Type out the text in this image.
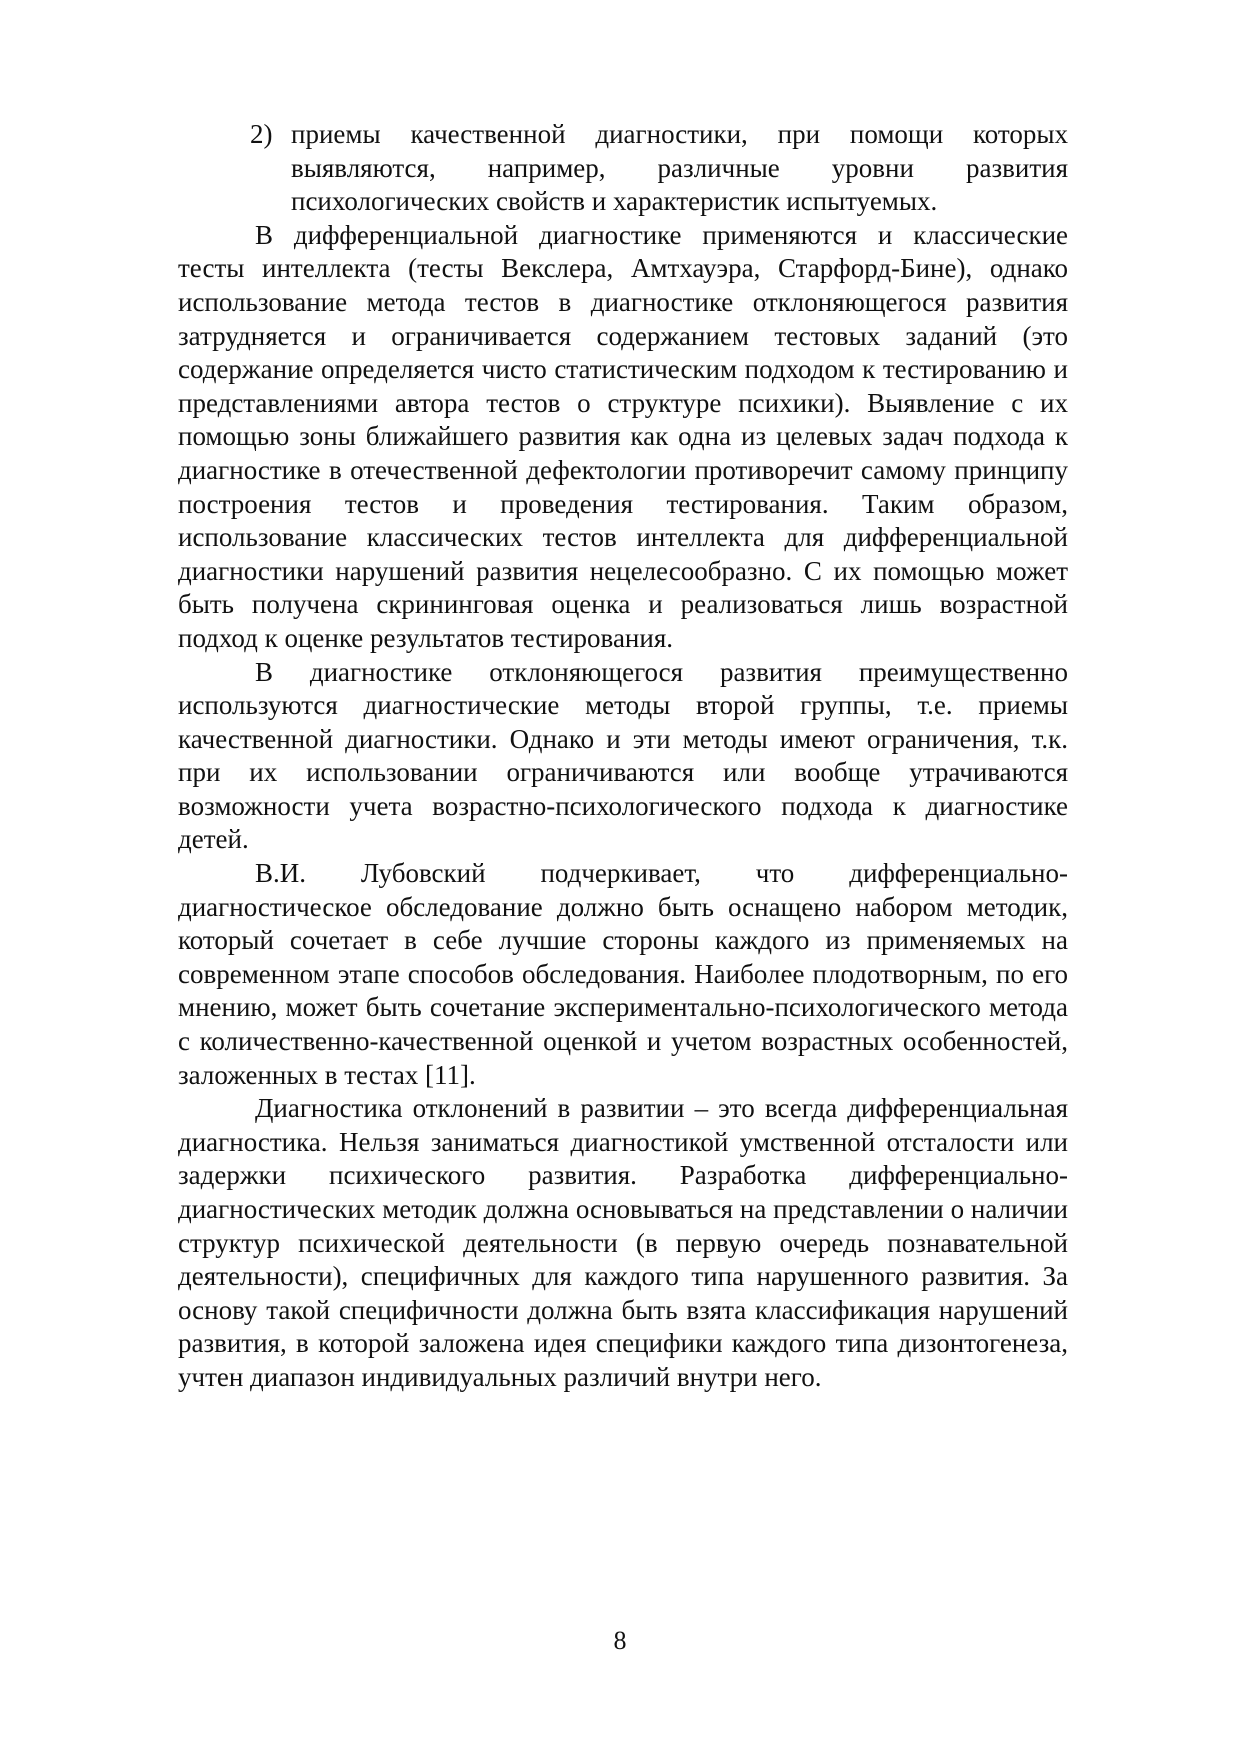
2) приемы качественной диагностики, при помощи которых выявляются, например, различные уровни развития психологических свойств и характеристик испытуемых.

В дифференциальной диагностике применяются и классические тесты интеллекта (тесты Векслера, Амтхауэра, Старфорд-Бине), однако использование метода тестов в диагностике отклоняющегося развития затрудняется и ограничивается содержанием тестовых заданий (это содержание определяется чисто статистическим подходом к тестированию и представлениями автора тестов о структуре психики). Выявление с их помощью зоны ближайшего развития как одна из целевых задач подхода к диагностике в отечественной дефектологии противоречит самому принципу построения тестов и проведения тестирования. Таким образом, использование классических тестов интеллекта для дифференциальной диагностики нарушений развития нецелесообразно. С их помощью может быть получена скрининговая оценка и реализоваться лишь возрастной подход к оценке результатов тестирования.

В диагностике отклоняющегося развития преимущественно используются диагностические методы второй группы, т.е. приемы качественной диагностики. Однако и эти методы имеют ограничения, т.к. при их использовании ограничиваются или вообще утрачиваются возможности учета возрастно-психологического подхода к диагностике детей.

В.И. Лубовский подчеркивает, что дифференциально-диагностическое обследование должно быть оснащено набором методик, который сочетает в себе лучшие стороны каждого из применяемых на современном этапе способов обследования. Наиболее плодотворным, по его мнению, может быть сочетание экспериментально-психологического метода с количественно-качественной оценкой и учетом возрастных особенностей, заложенных в тестах [11].

Диагностика отклонений в развитии – это всегда дифференциальная диагностика. Нельзя заниматься диагностикой умственной отсталости или задержки психического развития. Разработка дифференциально-диагностических методик должна основываться на представлении о наличии структур психической деятельности (в первую очередь познавательной деятельности), специфичных для каждого типа нарушенного развития. За основу такой специфичности должна быть взята классификация нарушений развития, в которой заложена идея специфики каждого типа дизонтогенеза, учтен диапазон индивидуальных различий внутри него.

8
